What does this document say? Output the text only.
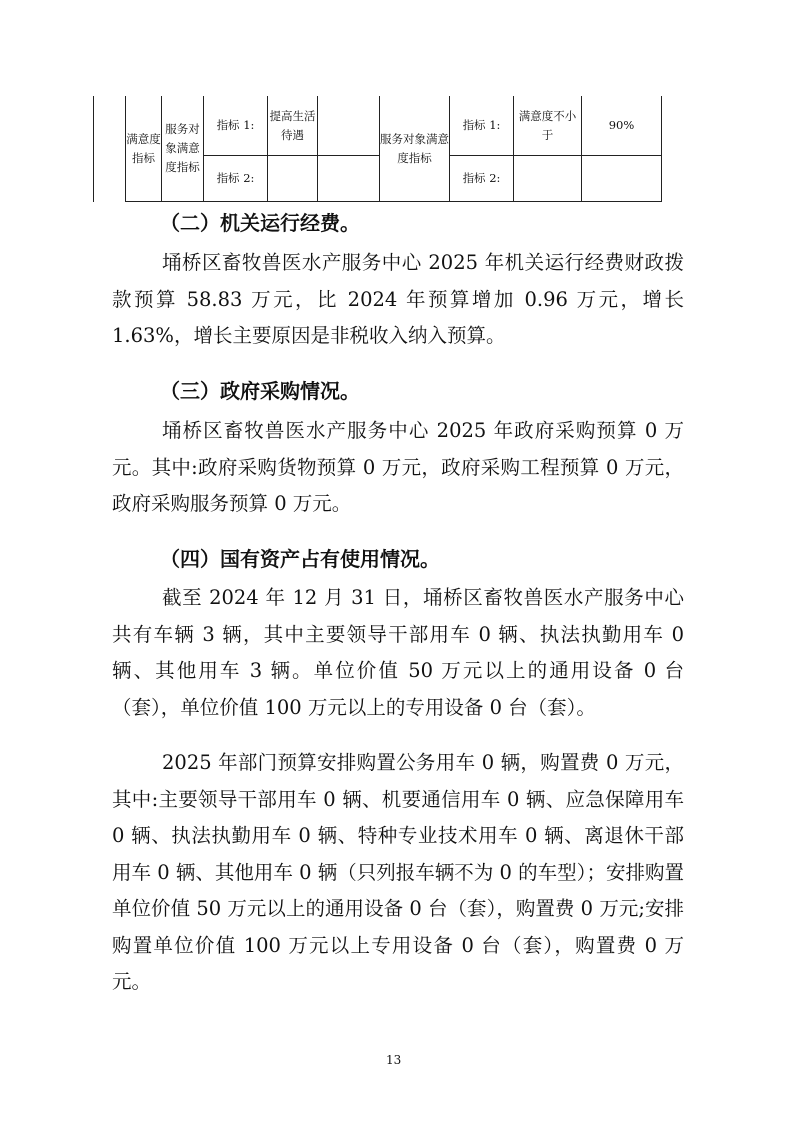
	满意度指标	服务对象满意度指标	指标 1:	提高生活待遇		服务对象满意度指标	指标 1:	满意度不小于	90%
			指标 2:				指标 2:		
（二）机关运行经费。
埇桥区畜牧兽医水产服务中心 2025 年机关运行经费财政拨款预算 58.83 万元，比 2024 年预算增加 0.96 万元，增长 1.63%，增长主要原因是非税收入纳入预算。
（三）政府采购情况。
埇桥区畜牧兽医水产服务中心 2025 年政府采购预算 0 万元。其中:政府采购货物预算 0 万元，政府采购工程预算 0 万元，政府采购服务预算 0 万元。
（四）国有资产占有使用情况。
截至 2024 年 12 月 31 日，埇桥区畜牧兽医水产服务中心共有车辆 3 辆，其中主要领导干部用车 0 辆、执法执勤用车 0 辆、其他用车 3 辆。单位价值 50 万元以上的通用设备 0 台（套），单位价值 100 万元以上的专用设备 0 台（套）。
2025 年部门预算安排购置公务用车 0 辆，购置费 0 万元，其中:主要领导干部用车 0 辆、机要通信用车 0 辆、应急保障用车 0 辆、执法执勤用车 0 辆、特种专业技术用车 0 辆、离退休干部用车 0 辆、其他用车 0 辆（只列报车辆不为 0 的车型）；安排购置单位价值 50 万元以上的通用设备 0 台（套），购置费 0 万元;安排购置单位价值 100 万元以上专用设备 0 台（套），购置费 0 万元。
13
